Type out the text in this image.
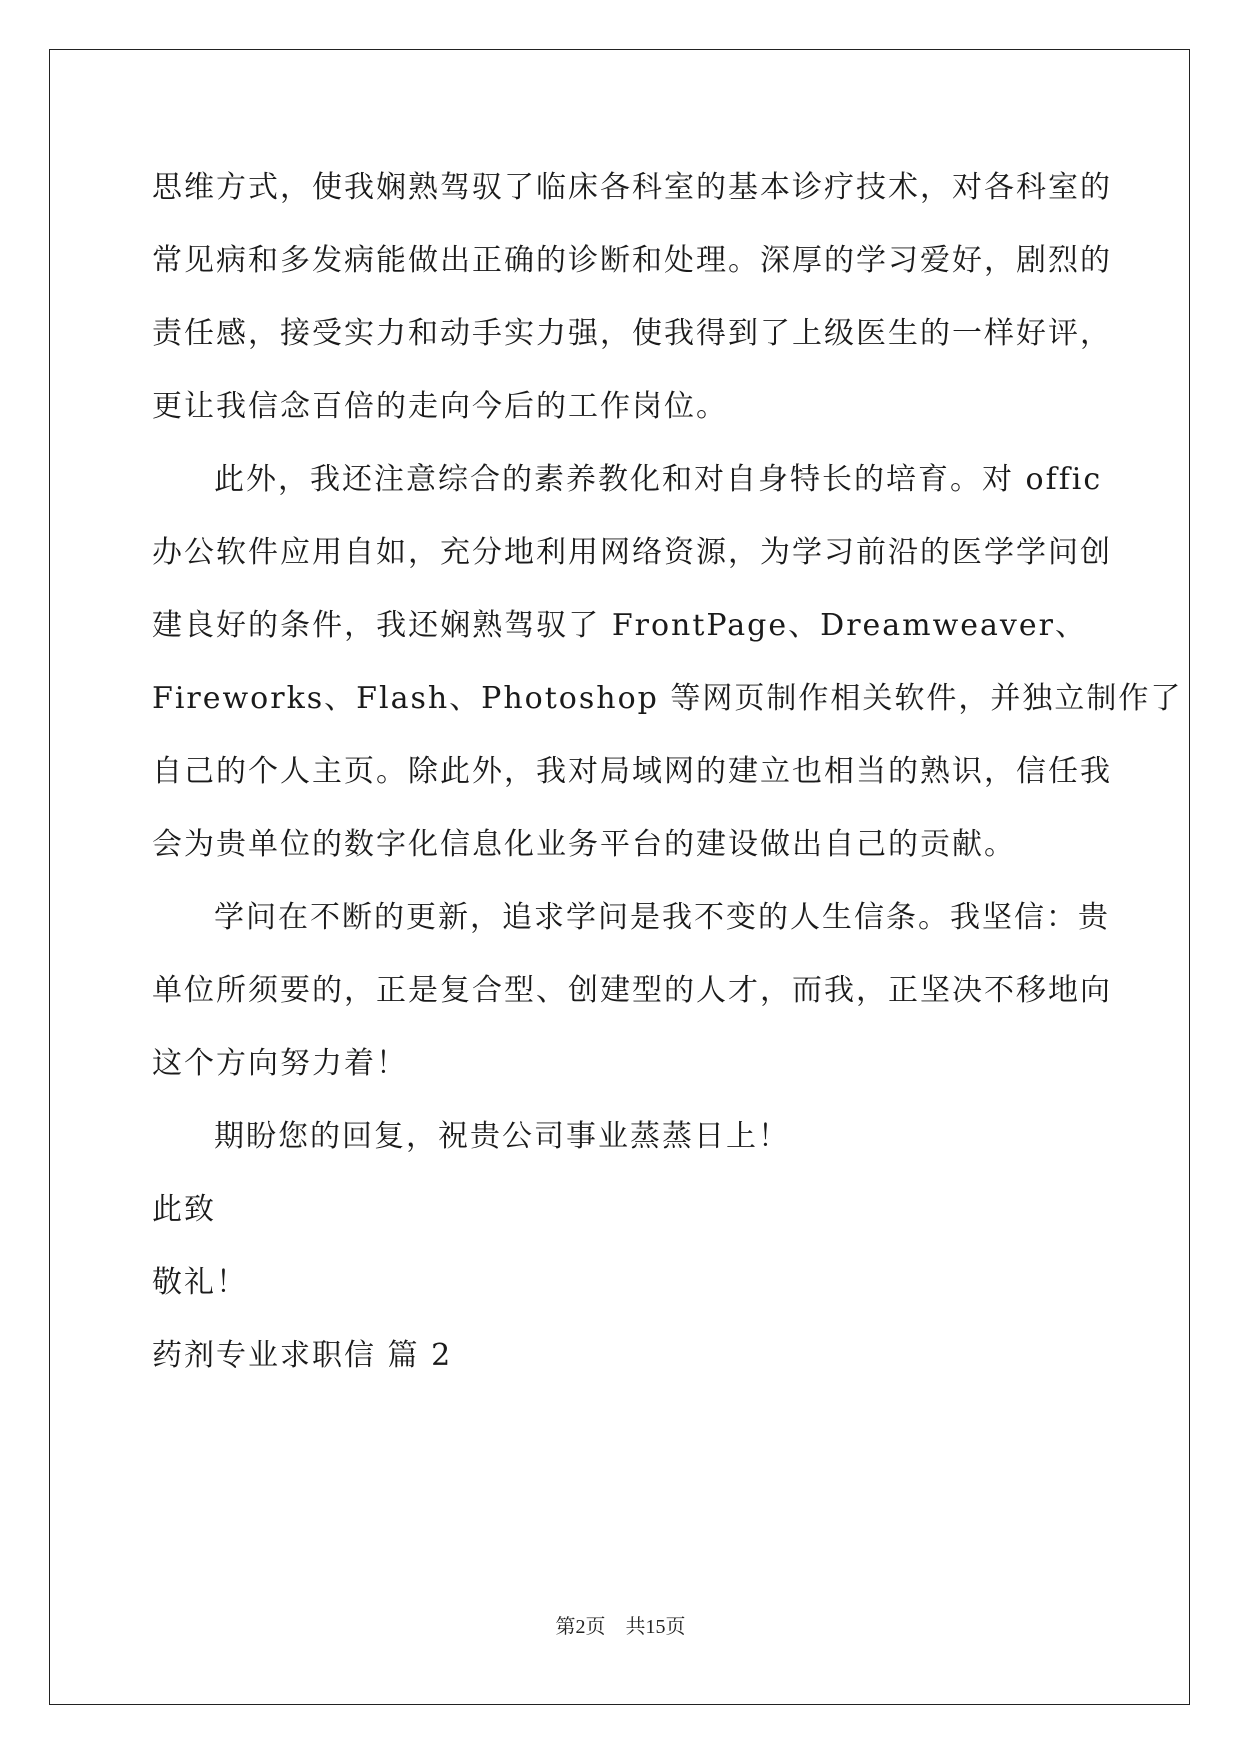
思维方式，使我娴熟驾驭了临床各科室的基本诊疗技术，对各科室的
常见病和多发病能做出正确的诊断和处理。深厚的学习爱好，剧烈的
责任感，接受实力和动手实力强，使我得到了上级医生的一样好评，
更让我信念百倍的走向今后的工作岗位。
此外，我还注意综合的素养教化和对自身特长的培育。对 offic
办公软件应用自如，充分地利用网络资源，为学习前沿的医学学问创
建良好的条件，我还娴熟驾驭了 FrontPage、Dreamweaver、
Fireworks、Flash、Photoshop 等网页制作相关软件，并独立制作了
自己的个人主页。除此外，我对局域网的建立也相当的熟识，信任我
会为贵单位的数字化信息化业务平台的建设做出自己的贡献。
学问在不断的更新，追求学问是我不变的人生信条。我坚信：贵
单位所须要的，正是复合型、创建型的人才，而我，正坚决不移地向
这个方向努力着！
期盼您的回复，祝贵公司事业蒸蒸日上！
此致
敬礼！
药剂专业求职信 篇 2
第2页 共15页
